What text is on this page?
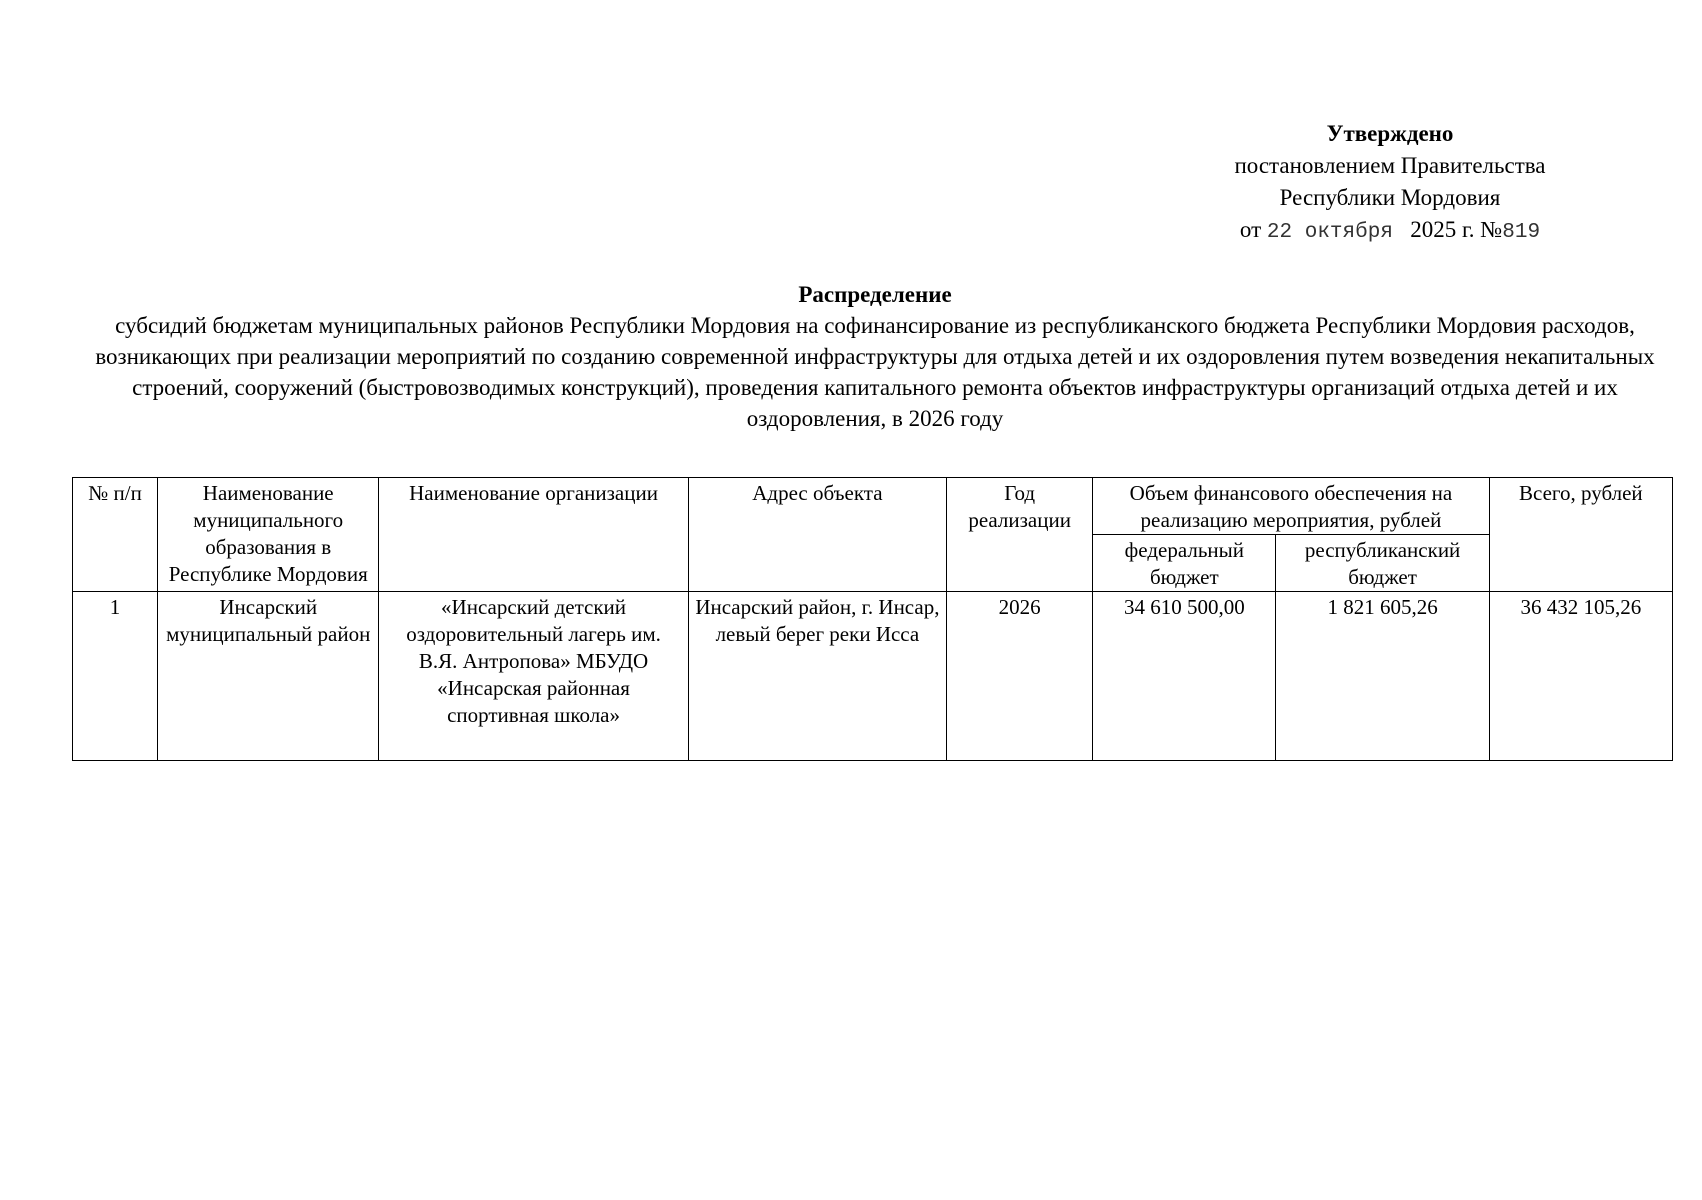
Утверждено
постановлением Правительства
Республики Мордовия
от 22 октября 2025 г. №819
Распределение
субсидий бюджетам муниципальных районов Республики Мордовия на софинансирование из республиканского бюджета Республики Мордовия расходов, возникающих при реализации мероприятий по созданию современной инфраструктуры для отдыха детей и их оздоровления путем возведения некапитальных строений, сооружений (быстровозводимых конструкций), проведения капитального ремонта объектов инфраструктуры организаций отдыха детей и их оздоровления, в 2026 году
№ п/п	Наименование муниципального образования в Республике Мордовия	Наименование организации	Адрес объекта	Год реализации	Объем финансового обеспечения на реализацию мероприятия, рублей		Всего, рублей
					федеральный бюджет	республиканский бюджет	
1	Инсарский муниципальный район	«Инсарский детский оздоровительный лагерь им. В.Я. Антропова» МБУДО «Инсарская районная спортивная школа»	Инсарский район, г. Инсар, левый берег реки Исса	2026	34 610 500,00	1 821 605,26	36 432 105,26
